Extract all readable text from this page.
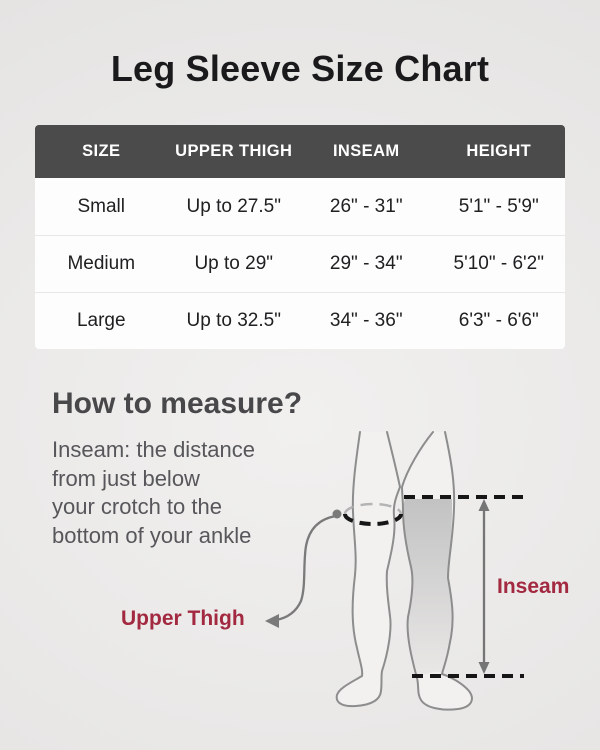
Leg Sleeve Size Chart
SIZE	UPPER THIGH	INSEAM	HEIGHT
Small	Up to 27.5"	26" - 31"	5'1" - 5'9"
Medium	Up to 29"	29" - 34"	5'10" - 6'2"
Large	Up to 32.5"	34" - 36"	6'3" - 6'6"
How to measure?
Inseam: the distance
from just below
your crotch to the
bottom of your ankle
Upper Thigh
Inseam
